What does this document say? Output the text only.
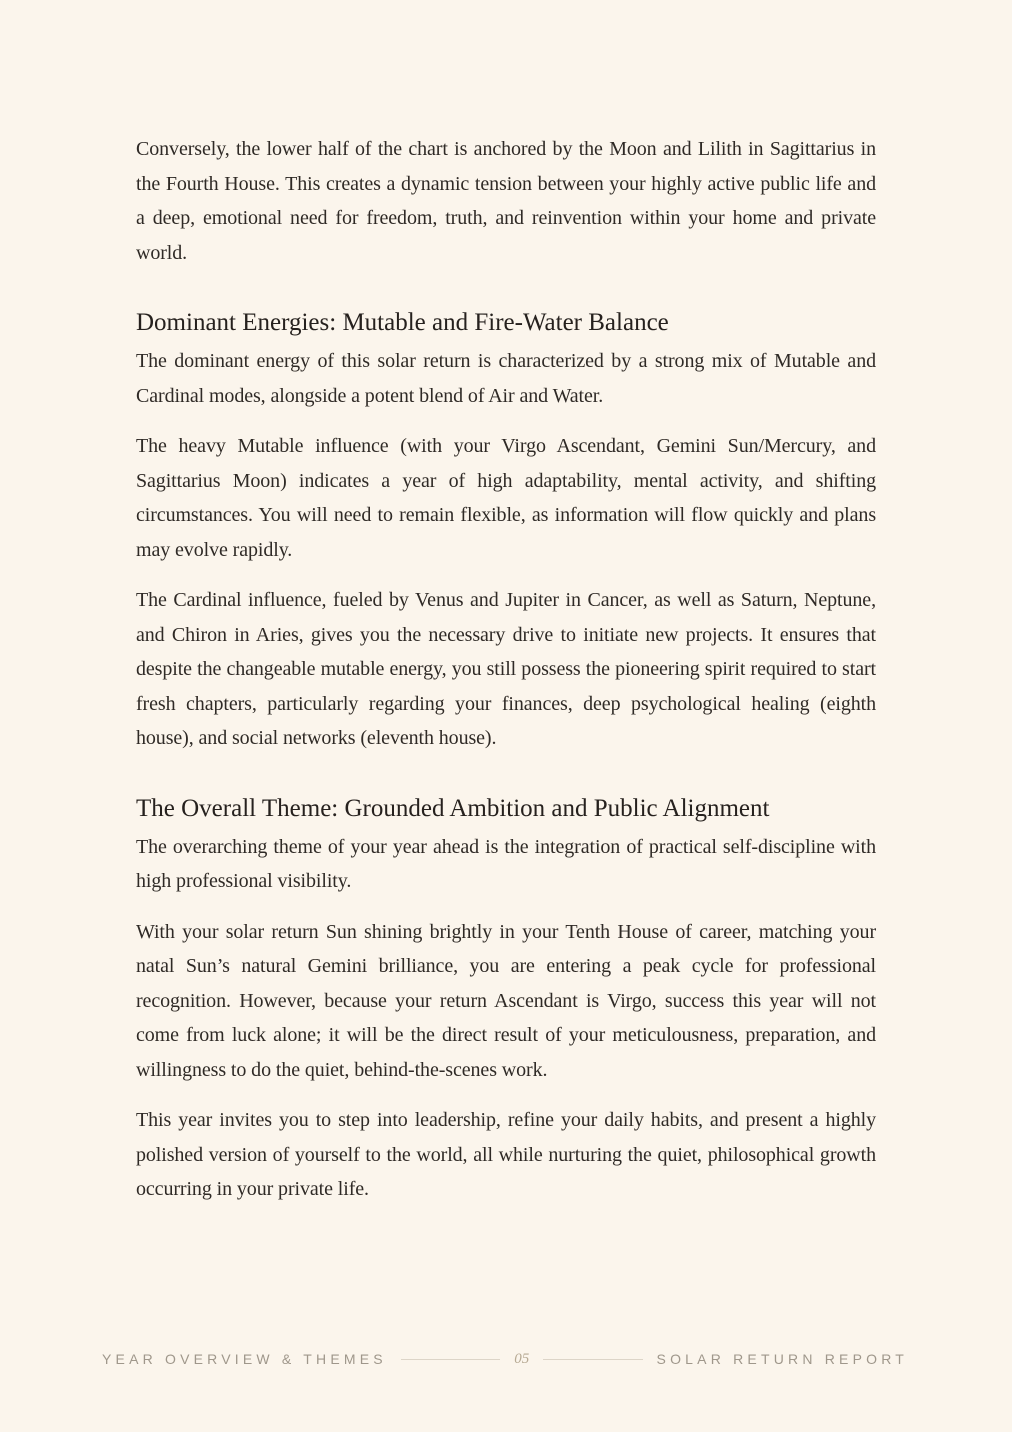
Conversely, the lower half of the chart is anchored by the Moon and Lilith in Sagittarius in the Fourth House. This creates a dynamic tension between your highly active public life and a deep, emotional need for freedom, truth, and reinvention within your home and private world.

Dominant Energies: Mutable and Fire-Water Balance

The dominant energy of this solar return is characterized by a strong mix of Mutable and Cardinal modes, alongside a potent blend of Air and Water.

The heavy Mutable influence (with your Virgo Ascendant, Gemini Sun/Mercury, and Sagittarius Moon) indicates a year of high adaptability, mental activity, and shifting circumstances. You will need to remain flexible, as information will flow quickly and plans may evolve rapidly.

The Cardinal influence, fueled by Venus and Jupiter in Cancer, as well as Saturn, Neptune, and Chiron in Aries, gives you the necessary drive to initiate new projects. It ensures that despite the changeable mutable energy, you still possess the pioneering spirit required to start fresh chapters, particularly regarding your finances, deep psychological healing (eighth house), and social networks (eleventh house).

The Overall Theme: Grounded Ambition and Public Alignment

The overarching theme of your year ahead is the integration of practical self-discipline with high professional visibility.

With your solar return Sun shining brightly in your Tenth House of career, matching your natal Sun’s natural Gemini brilliance, you are entering a peak cycle for professional recognition. However, because your return Ascendant is Virgo, success this year will not come from luck alone; it will be the direct result of your meticulousness, preparation, and willingness to do the quiet, behind-the-scenes work.

This year invites you to step into leadership, refine your daily habits, and present a highly polished version of yourself to the world, all while nurturing the quiet, philosophical growth occurring in your private life.

YEAR OVERVIEW & THEMES	05	SOLAR RETURN REPORT
